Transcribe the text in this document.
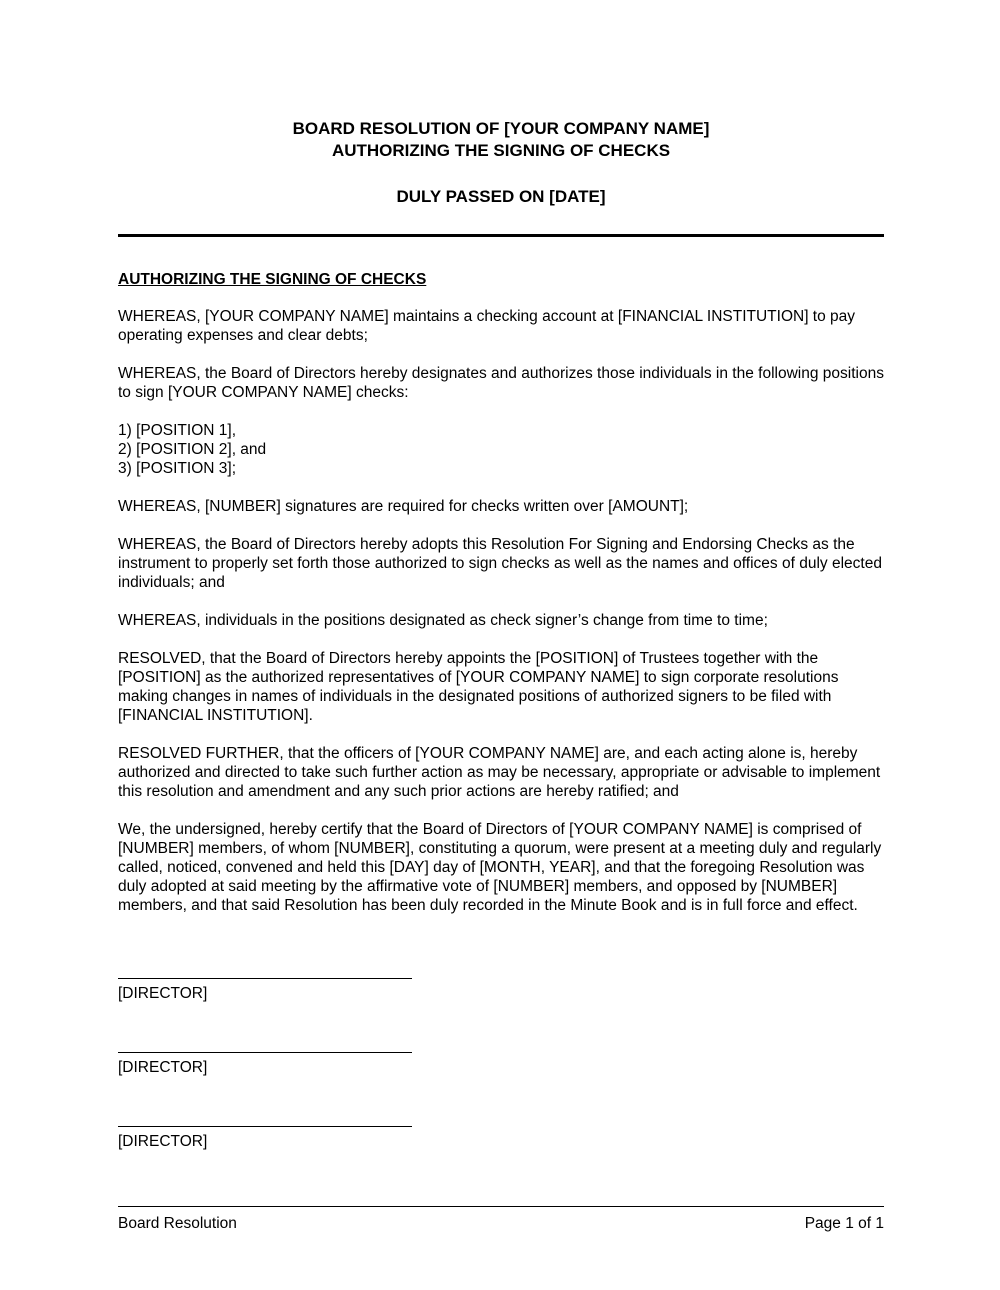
BOARD RESOLUTION OF [YOUR COMPANY NAME]
AUTHORIZING THE SIGNING OF CHECKS
DULY PASSED ON [DATE]
AUTHORIZING THE SIGNING OF CHECKS

WHEREAS, [YOUR COMPANY NAME] maintains a checking account at [FINANCIAL INSTITUTION] to pay operating expenses and clear debts;

WHEREAS, the Board of Directors hereby designates and authorizes those individuals in the following positions to sign [YOUR COMPANY NAME] checks:

1) [POSITION 1],
2) [POSITION 2], and
3) [POSITION 3];

WHEREAS, [NUMBER] signatures are required for checks written over [AMOUNT];

WHEREAS, the Board of Directors hereby adopts this Resolution For Signing and Endorsing Checks as the instrument to properly set forth those authorized to sign checks as well as the names and offices of duly elected individuals; and

WHEREAS, individuals in the positions designated as check signer’s change from time to time;

RESOLVED, that the Board of Directors hereby appoints the [POSITION] of Trustees together with the [POSITION] as the authorized representatives of [YOUR COMPANY NAME] to sign corporate resolutions making changes in names of individuals in the designated positions of authorized signers to be filed with [FINANCIAL INSTITUTION].

RESOLVED FURTHER, that the officers of [YOUR COMPANY NAME] are, and each acting alone is, hereby authorized and directed to take such further action as may be necessary, appropriate or advisable to implement this resolution and amendment and any such prior actions are hereby ratified; and

We, the undersigned, hereby certify that the Board of Directors of [YOUR COMPANY NAME] is comprised of [NUMBER] members, of whom [NUMBER], constituting a quorum, were present at a meeting duly and regularly called, noticed, convened and held this [DAY] day of [MONTH, YEAR], and that the foregoing Resolution was duly adopted at said meeting by the affirmative vote of [NUMBER] members, and opposed by [NUMBER] members, and that said Resolution has been duly recorded in the Minute Book and is in full force and effect.

[DIRECTOR]
[DIRECTOR]
[DIRECTOR]
Board Resolution	Page 1 of 1
